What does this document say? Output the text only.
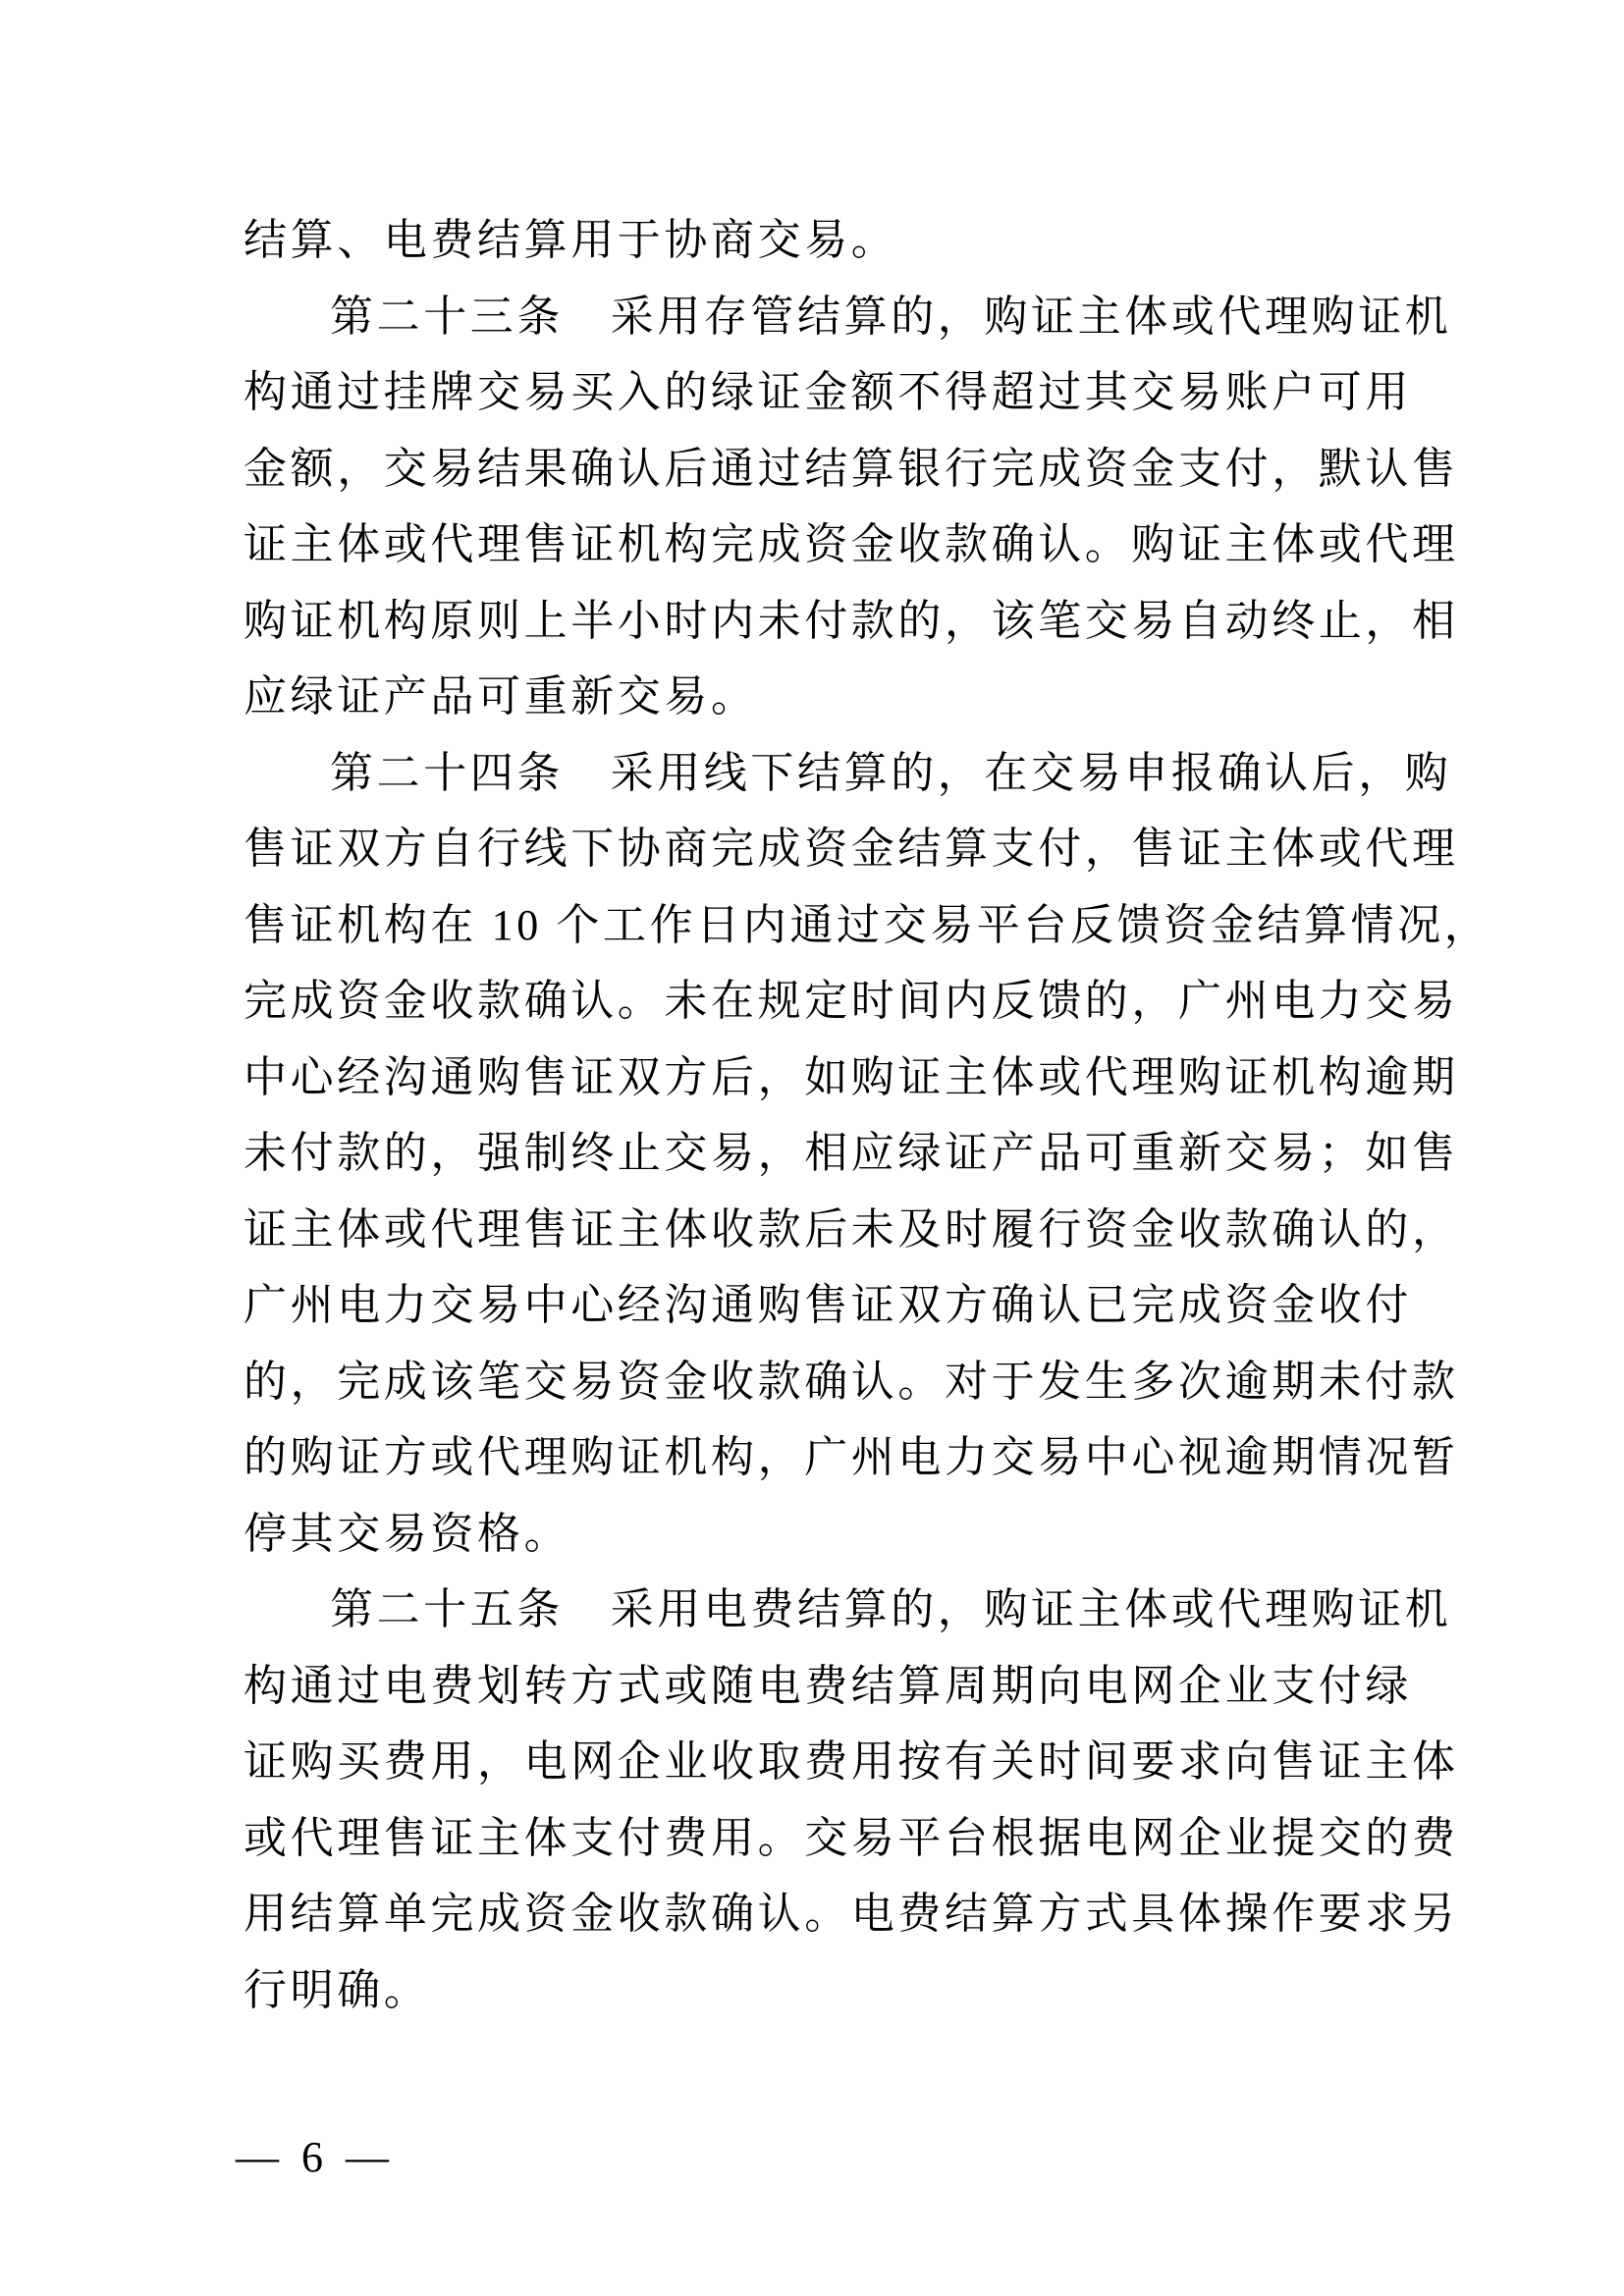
结算、电费结算用于协商交易。
第二十三条　采用存管结算的，购证主体或代理购证机
构通过挂牌交易买入的绿证金额不得超过其交易账户可用
金额，交易结果确认后通过结算银行完成资金支付，默认售
证主体或代理售证机构完成资金收款确认。购证主体或代理
购证机构原则上半小时内未付款的，该笔交易自动终止，相
应绿证产品可重新交易。
第二十四条　采用线下结算的，在交易申报确认后，购
售证双方自行线下协商完成资金结算支付，售证主体或代理
售证机构在 10 个工作日内通过交易平台反馈资金结算情况，
完成资金收款确认。未在规定时间内反馈的，广州电力交易
中心经沟通购售证双方后，如购证主体或代理购证机构逾期
未付款的，强制终止交易，相应绿证产品可重新交易；如售
证主体或代理售证主体收款后未及时履行资金收款确认的，
广州电力交易中心经沟通购售证双方确认已完成资金收付
的，完成该笔交易资金收款确认。对于发生多次逾期未付款
的购证方或代理购证机构，广州电力交易中心视逾期情况暂
停其交易资格。
第二十五条　采用电费结算的，购证主体或代理购证机
构通过电费划转方式或随电费结算周期向电网企业支付绿
证购买费用，电网企业收取费用按有关时间要求向售证主体
或代理售证主体支付费用。交易平台根据电网企业提交的费
用结算单完成资金收款确认。电费结算方式具体操作要求另
行明确。
— 6 —
